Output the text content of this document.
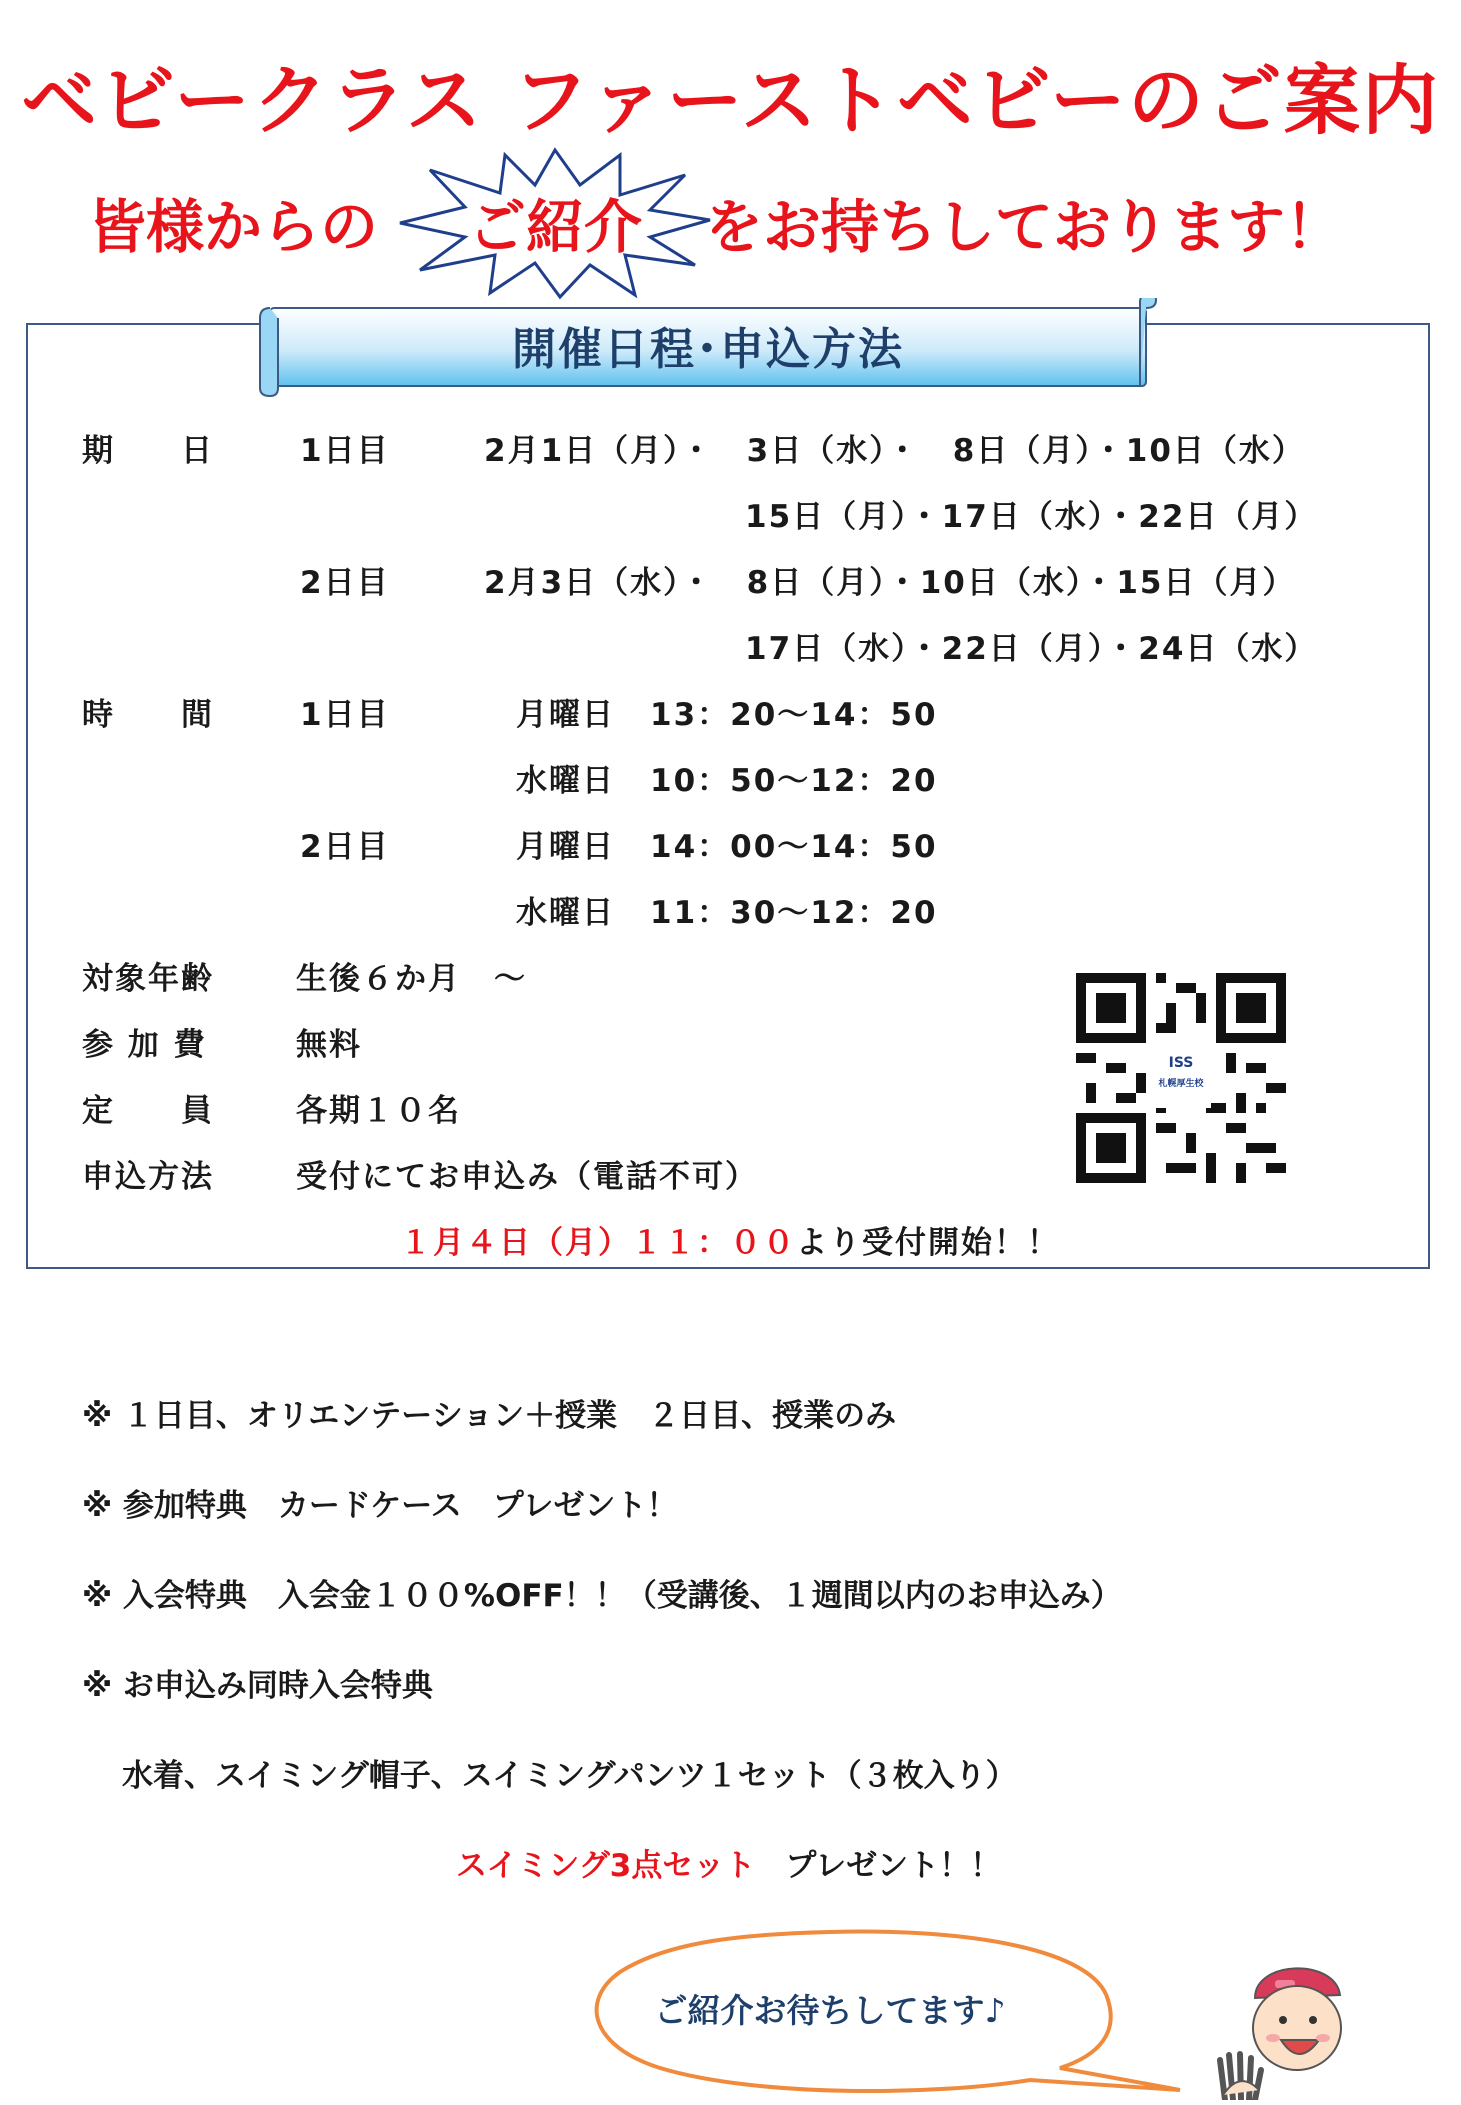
ベビークラス ファーストベビーのご案内
皆様からの ご紹介 をお持ちしております！
開催日程･申込方法
期　　日	1日目	2月1日（月）・　3日（水）・　8日（月）・10日（水）
15日（月）・17日（水）・22日（月）
2日目	2月3日（水）・　8日（月）・10日（水）・15日（月）
17日（水）・22日（月）・24日（水）
時　　間	1日目	月曜日 13：20～14：50
水曜日 10：50～12：20
2日目	月曜日 14：00～14：50
水曜日 11：30～12：20
対象年齢	生後６か月　～
参 加 費	無料
定　　員	各期１０名
申込方法	受付にてお申込み（電話不可）
１月４日（月）１１：００より受付開始！！
ISS
札幌厚生校
※ １日目、オリエンテーション＋授業　２日目、授業のみ
※ 参加特典　カードケース　プレゼント！
※ 入会特典　入会金１００%OFF！！（受講後、１週間以内のお申込み）
※ お申込み同時入会特典
水着、スイミング帽子、スイミングパンツ１セット（３枚入り）
スイミング3点セット プレゼント！！
ご紹介お待ちしてます♪
